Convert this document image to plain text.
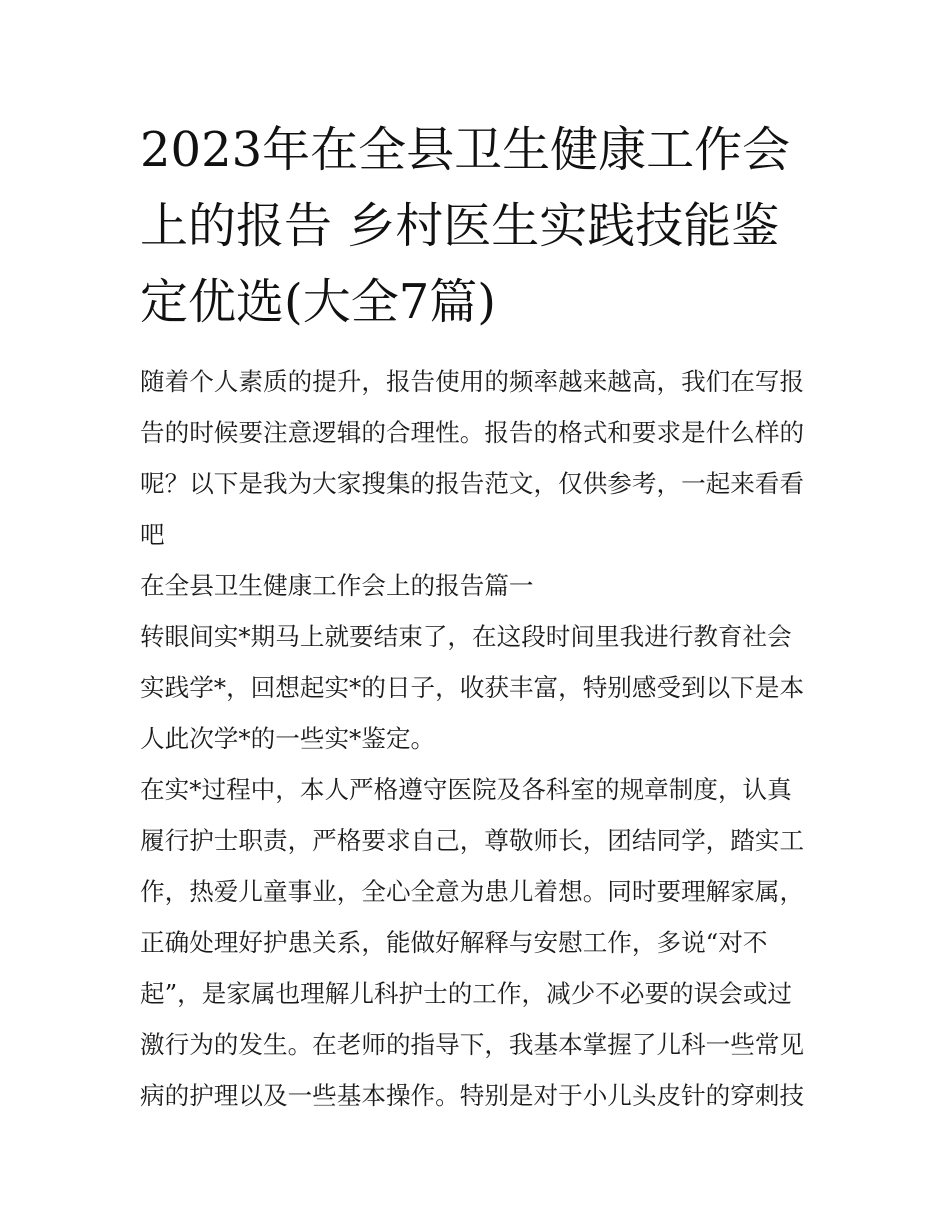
2023年在全县卫生健康工作会
上的报告 乡村医生实践技能鉴
定优选(大全7篇)
随着个人素质的提升，报告使用的频率越来越高，我们在写报
告的时候要注意逻辑的合理性。报告的格式和要求是什么样的
呢？以下是我为大家搜集的报告范文，仅供参考，一起来看看
吧
在全县卫生健康工作会上的报告篇一
转眼间实*期马上就要结束了，在这段时间里我进行教育社会
实践学*，回想起实*的日子，收获丰富，特别感受到以下是本
人此次学*的一些实*鉴定。
在实*过程中，本人严格遵守医院及各科室的规章制度，认真
履行护士职责，严格要求自己，尊敬师长，团结同学，踏实工
作，热爱儿童事业，全心全意为患儿着想。同时要理解家属，
正确处理好护患关系，能做好解释与安慰工作，多说“对不
起”，是家属也理解儿科护士的工作，减少不必要的误会或过
激行为的发生。在老师的指导下，我基本掌握了儿科一些常见
病的护理以及一些基本操作。特别是对于小儿头皮针的穿刺技
